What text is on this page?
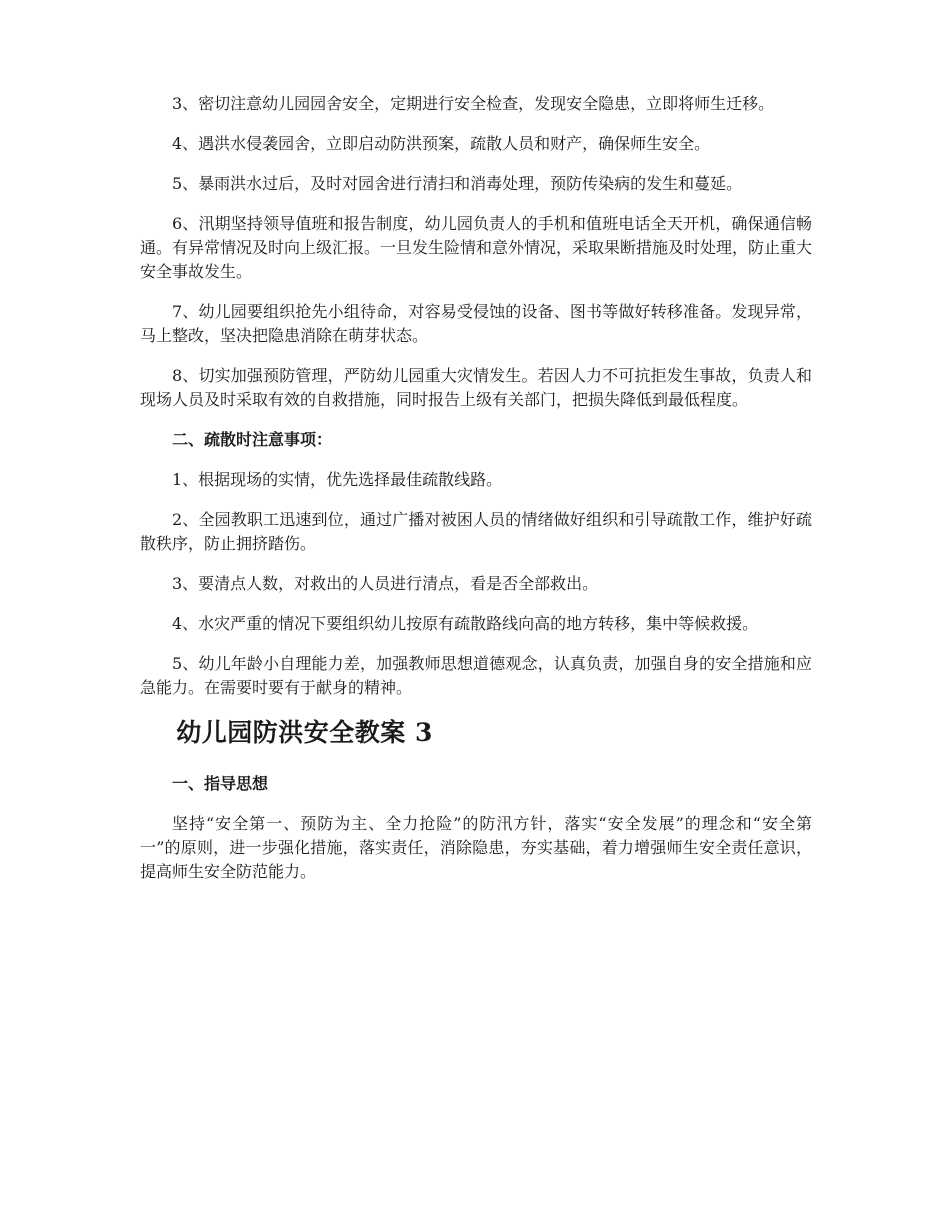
3、密切注意幼儿园园舍安全，定期进行安全检查，发现安全隐患，立即将师生迁移。

4、遇洪水侵袭园舍，立即启动防洪预案，疏散人员和财产，确保师生安全。

5、暴雨洪水过后，及时对园舍进行清扫和消毒处理，预防传染病的发生和蔓延。

6、汛期坚持领导值班和报告制度，幼儿园负责人的手机和值班电话全天开机，确保通信畅通。有异常情况及时向上级汇报。一旦发生险情和意外情况，采取果断措施及时处理，防止重大安全事故发生。

7、幼儿园要组织抢先小组待命，对容易受侵蚀的设备、图书等做好转移准备。发现异常，马上整改，坚决把隐患消除在萌芽状态。

8、切实加强预防管理，严防幼儿园重大灾情发生。若因人力不可抗拒发生事故，负责人和现场人员及时采取有效的自救措施，同时报告上级有关部门，把损失降低到最低程度。

二、疏散时注意事项：

1、根据现场的实情，优先选择最佳疏散线路。

2、全园教职工迅速到位，通过广播对被困人员的情绪做好组织和引导疏散工作，维护好疏散秩序，防止拥挤踏伤。

3、要清点人数，对救出的人员进行清点，看是否全部救出。

4、水灾严重的情况下要组织幼儿按原有疏散路线向高的地方转移，集中等候救援。

5、幼儿年龄小自理能力差，加强教师思想道德观念，认真负责，加强自身的安全措施和应急能力。在需要时要有于献身的精神。

幼儿园防洪安全教案 3

一、指导思想

坚持“安全第一、预防为主、全力抢险”的防汛方针，落实“安全发展”的理念和“安全第一”的原则，进一步强化措施，落实责任，消除隐患，夯实基础，着力增强师生安全责任意识，提高师生安全防范能力。
